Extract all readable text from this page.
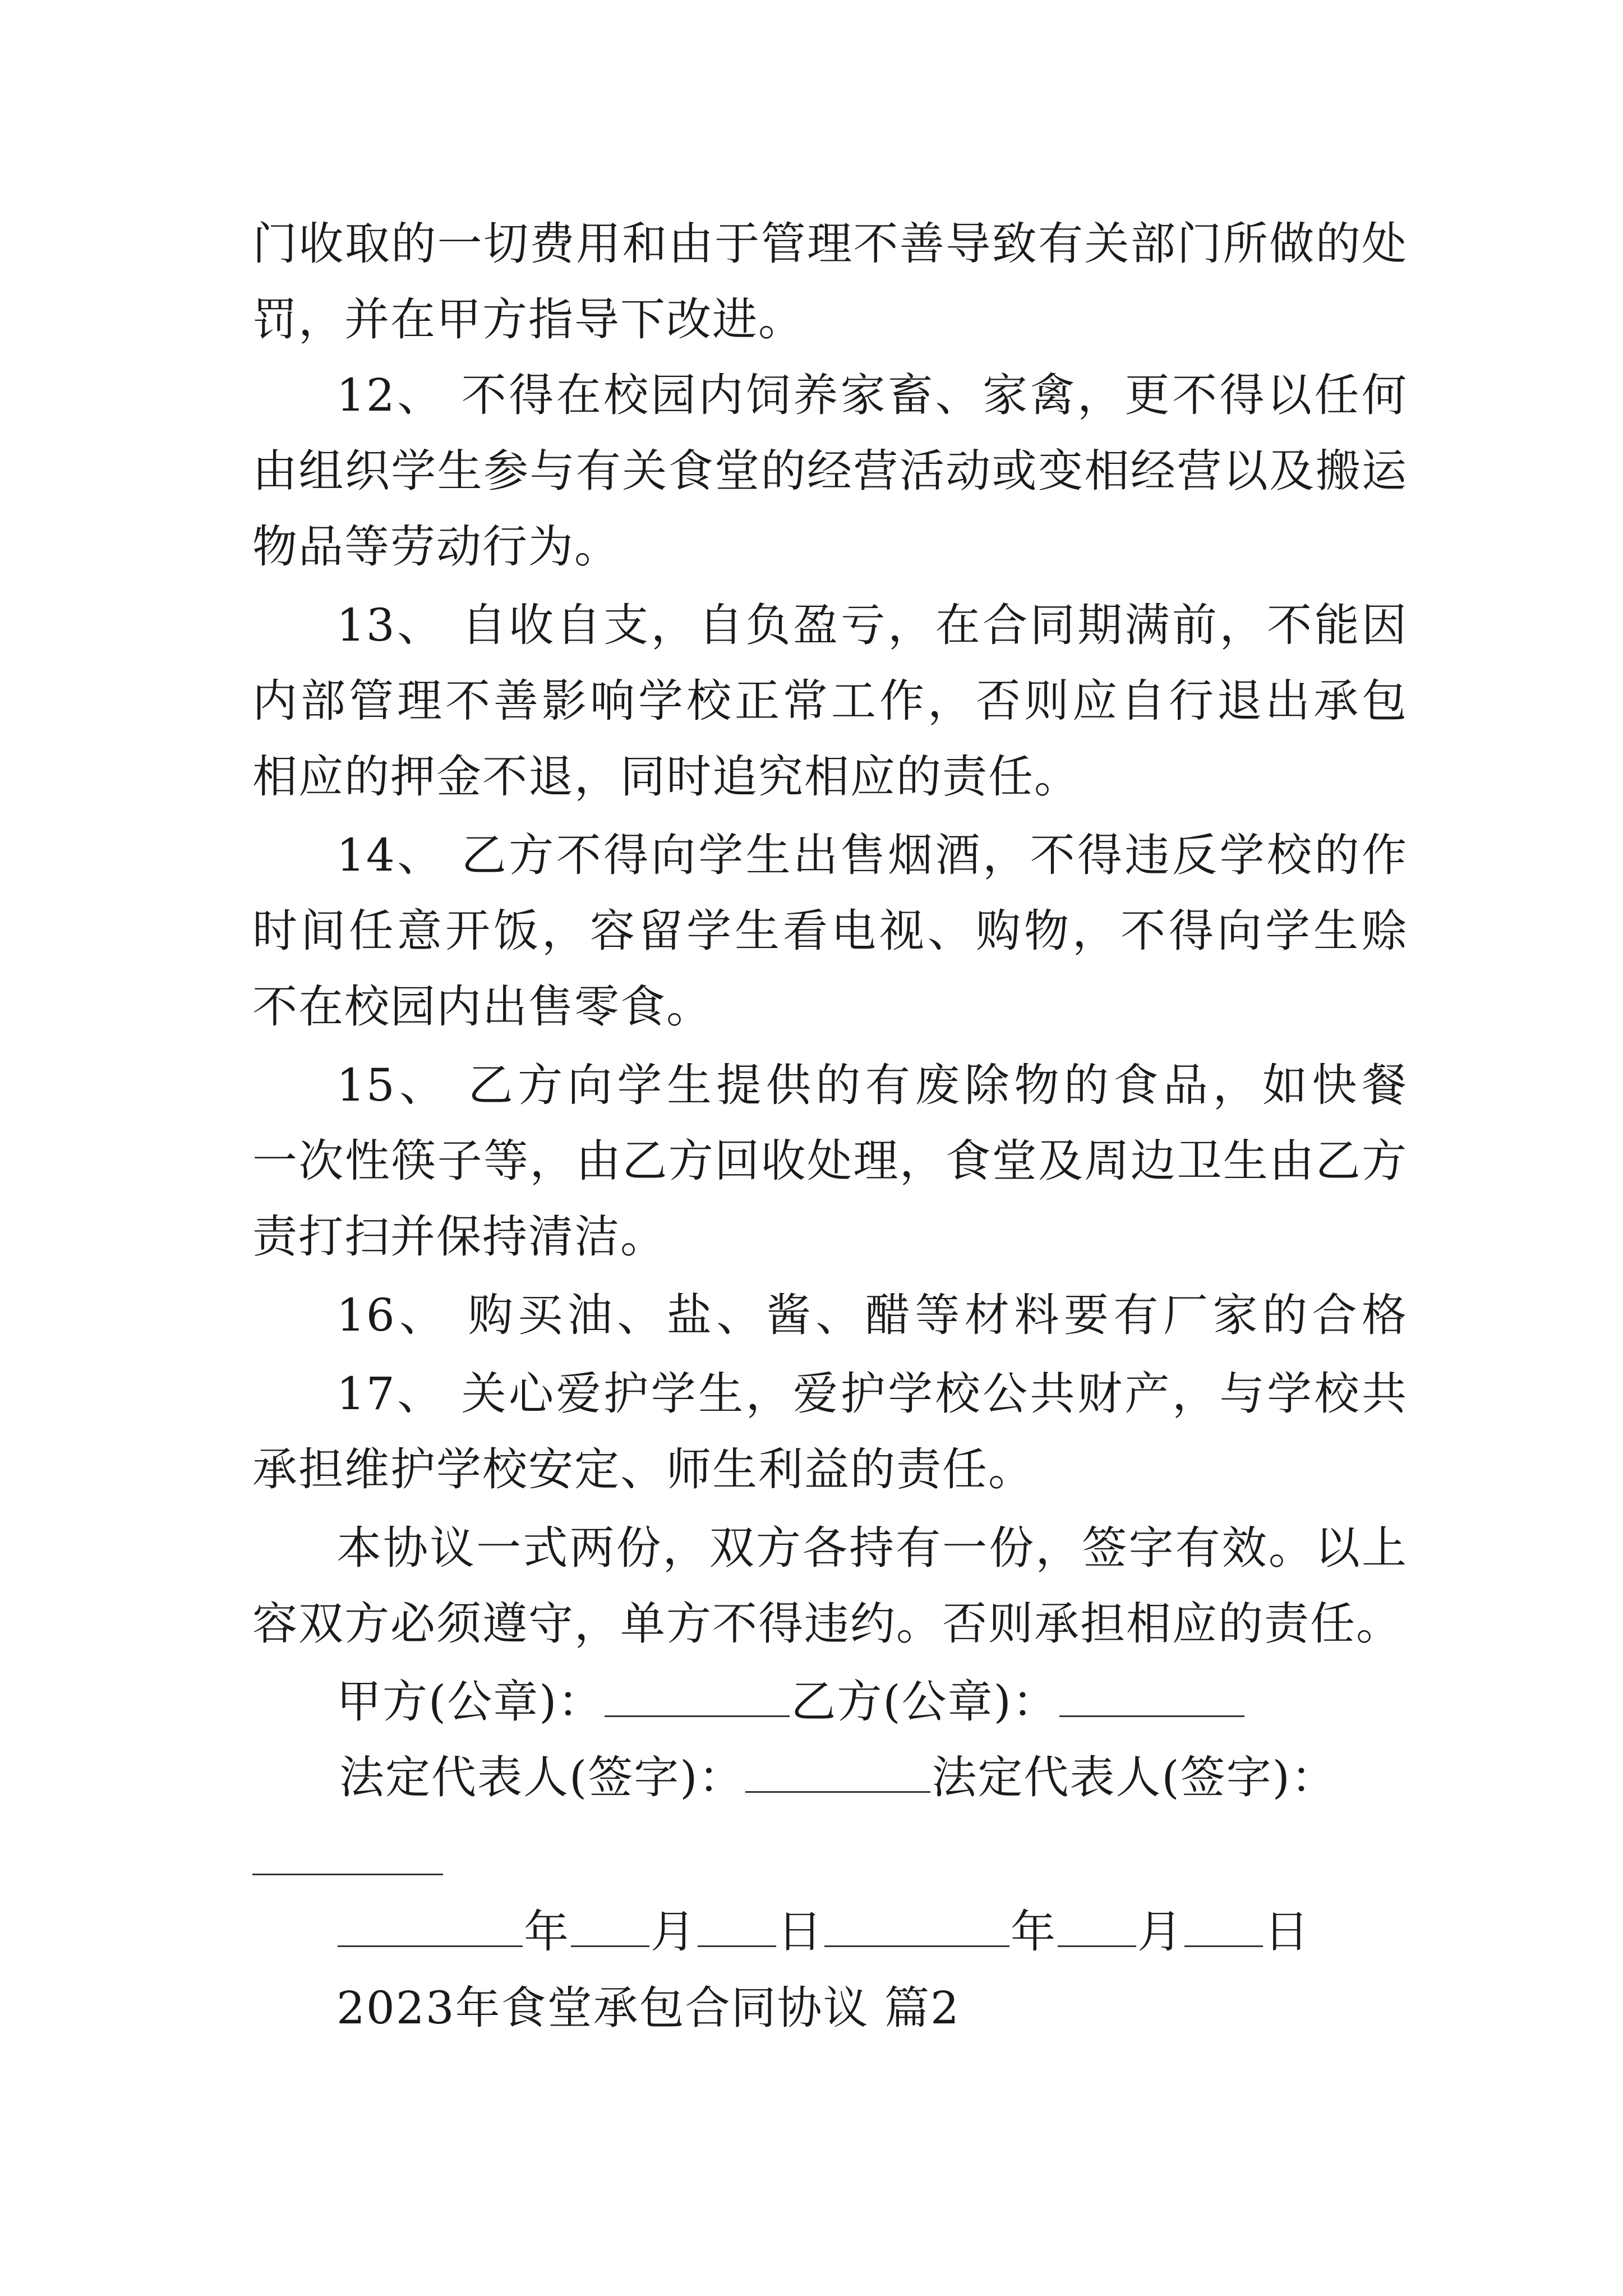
门收取的一切费用和由于管理不善导致有关部门所做的处
罚，并在甲方指导下改进。
12、 不得在校园内饲养家畜、家禽，更不得以任何
由组织学生参与有关食堂的经营活动或变相经营以及搬运
物品等劳动行为。
13、 自收自支，自负盈亏，在合同期满前，不能因
内部管理不善影响学校正常工作，否则应自行退出承包
相应的押金不退，同时追究相应的责任。
14、 乙方不得向学生出售烟酒，不得违反学校的作
时间任意开饭，容留学生看电视、购物，不得向学生赊
不在校园内出售零食。
15、 乙方向学生提供的有废除物的食品，如快餐
一次性筷子等，由乙方回收处理，食堂及周边卫生由乙方
责打扫并保持清洁。
16、 购买油、盐、酱、醋等材料要有厂家的合格
17、 关心爱护学生，爱护学校公共财产，与学校共
承担维护学校安定、师生利益的责任。
本协议一式两份，双方各持有一份，签字有效。以上
容双方必须遵守，单方不得违约。否则承担相应的责任。
甲方(公章)：	乙方(公章)：
法定代表人(签字)：	法定代表人(签字)：
年 月 日	年 月 日
2023年食堂承包合同协议 篇2
